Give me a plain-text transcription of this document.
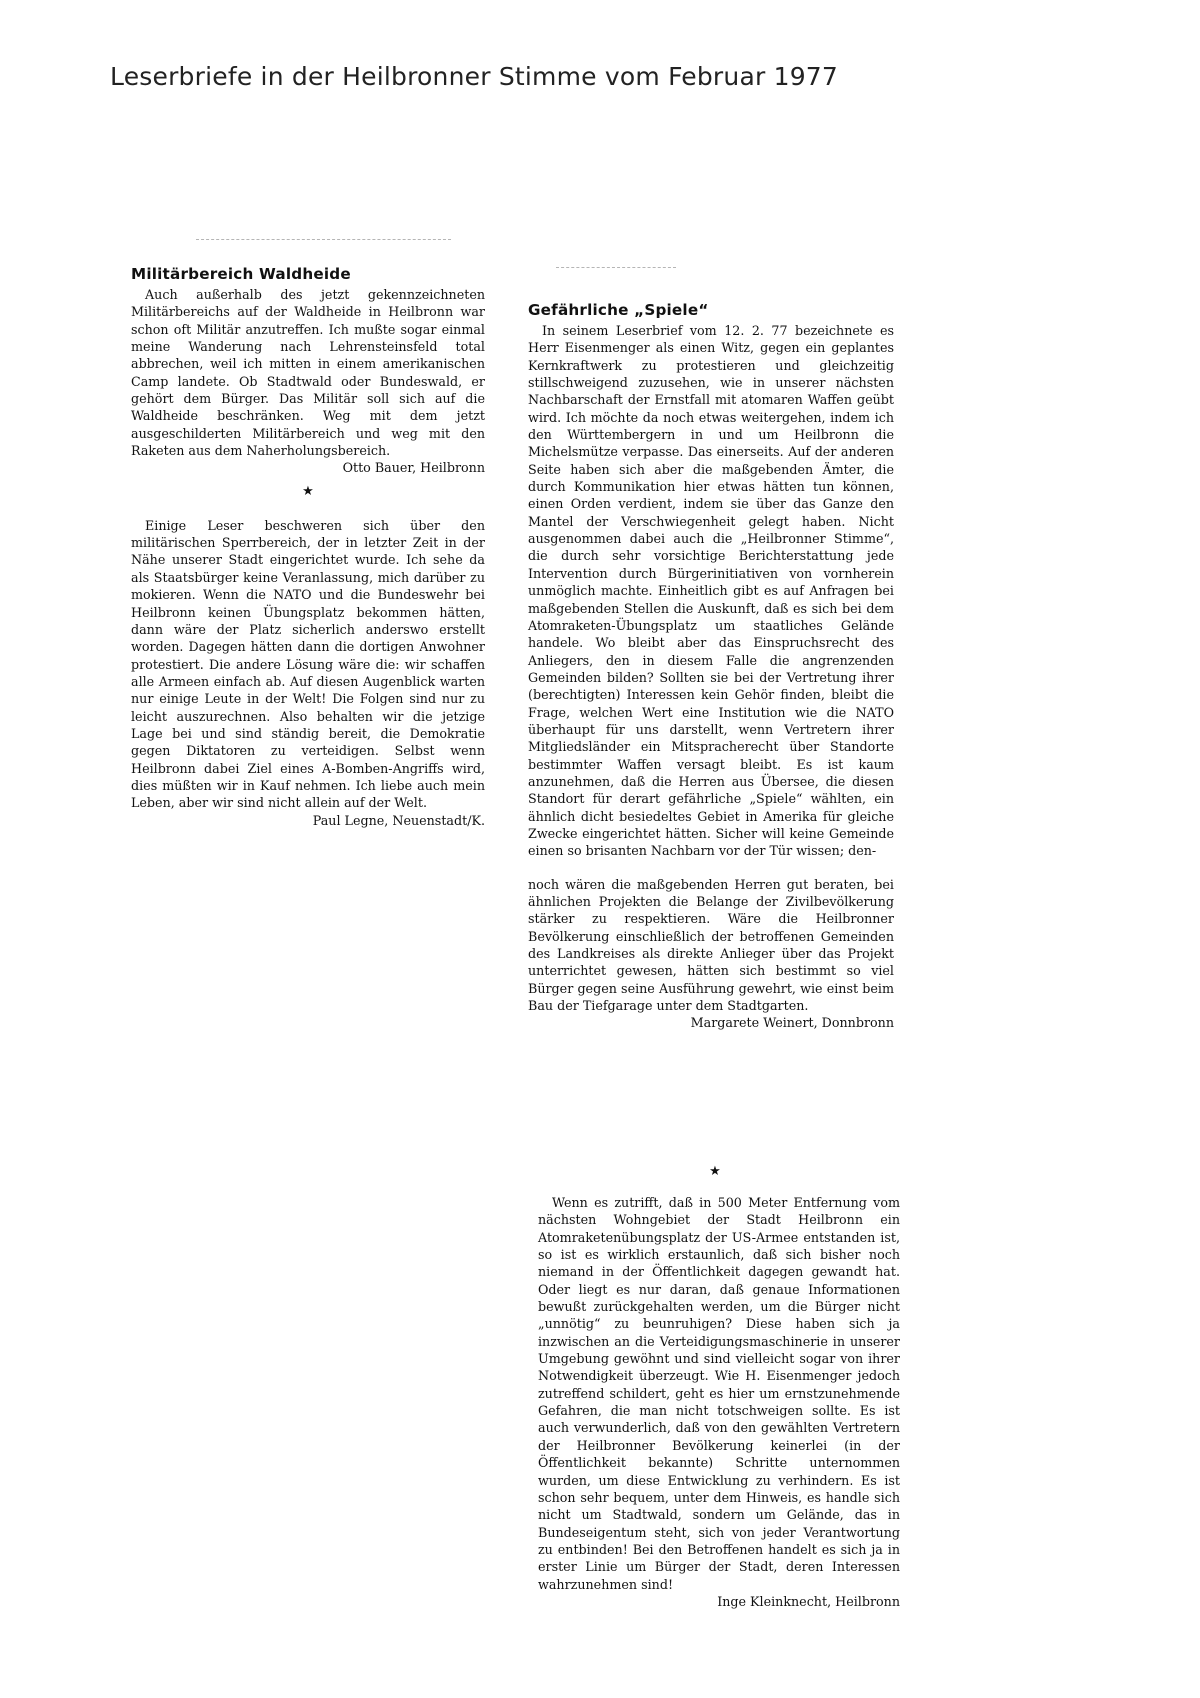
Leserbriefe in der Heilbronner Stimme vom Februar 1977
Militärbereich Waldheide

Auch außerhalb des jetzt gekennzeichneten Militärbereichs auf der Waldheide in Heilbronn war schon oft Militär anzutreffen. Ich mußte sogar einmal meine Wanderung nach Lehrensteinsfeld total abbrechen, weil ich mitten in einem amerikanischen Camp landete. Ob Stadtwald oder Bundeswald, er gehört dem Bürger. Das Militär soll sich auf die Waldheide beschränken. Weg mit dem jetzt ausgeschilderten Militärbereich und weg mit den Raketen aus dem Naherholungsbereich.

Otto Bauer, Heilbronn

★

Einige Leser beschweren sich über den militärischen Sperrbereich, der in letzter Zeit in der Nähe unserer Stadt eingerichtet wurde. Ich sehe da als Staatsbürger keine Veranlassung, mich darüber zu mokieren. Wenn die NATO und die Bundeswehr bei Heilbronn keinen Übungsplatz bekommen hätten, dann wäre der Platz sicherlich anderswo erstellt worden. Dagegen hätten dann die dortigen Anwohner protestiert. Die andere Lösung wäre die: wir schaffen alle Armeen einfach ab. Auf diesen Augenblick warten nur einige Leute in der Welt! Die Folgen sind nur zu leicht auszurechnen. Also behalten wir die jetzige Lage bei und sind ständig bereit, die Demokratie gegen Diktatoren zu verteidigen. Selbst wenn Heilbronn dabei Ziel eines A-Bomben-Angriffs wird, dies müßten wir in Kauf nehmen. Ich liebe auch mein Leben, aber wir sind nicht allein auf der Welt.

Paul Legne, Neuenstadt/K.

Gefährliche „Spiele“

In seinem Leserbrief vom 12. 2. 77 bezeichnete es Herr Eisenmenger als einen Witz, gegen ein geplantes Kernkraftwerk zu protestieren und gleichzeitig stillschweigend zuzusehen, wie in unserer nächsten Nachbarschaft der Ernstfall mit atomaren Waffen geübt wird. Ich möchte da noch etwas weitergehen, indem ich den Württembergern in und um Heilbronn die Michelsmütze verpasse. Das einerseits. Auf der anderen Seite haben sich aber die maßgebenden Ämter, die durch Kommunikation hier etwas hätten tun können, einen Orden verdient, indem sie über das Ganze den Mantel der Verschwiegenheit gelegt haben. Nicht ausgenommen dabei auch die „Heilbronner Stimme“, die durch sehr vorsichtige Berichterstattung jede Intervention durch Bürgerinitiativen von vornherein unmöglich machte. Einheitlich gibt es auf Anfragen bei maßgebenden Stellen die Auskunft, daß es sich bei dem Atomraketen-Übungsplatz um staatliches Gelände handele. Wo bleibt aber das Einspruchsrecht des Anliegers, den in diesem Falle die angrenzenden Gemeinden bilden? Sollten sie bei der Vertretung ihrer (berechtigten) Interessen kein Gehör finden, bleibt die Frage, welchen Wert eine Institution wie die NATO überhaupt für uns darstellt, wenn Vertretern ihrer Mitgliedsländer ein Mitspracherecht über Standorte bestimmter Waffen versagt bleibt. Es ist kaum anzunehmen, daß die Herren aus Übersee, die diesen Standort für derart gefährliche „Spiele“ wählten, ein ähnlich dicht besiedeltes Gebiet in Amerika für gleiche Zwecke eingerichtet hätten. Sicher will keine Gemeinde einen so brisanten Nachbarn vor der Tür wissen; den-

noch wären die maßgebenden Herren gut beraten, bei ähnlichen Projekten die Belange der Zivilbevölkerung stärker zu respektieren. Wäre die Heilbronner Bevölkerung einschließlich der betroffenen Gemeinden des Landkreises als direkte Anlieger über das Projekt unterrichtet gewesen, hätten sich bestimmt so viel Bürger gegen seine Ausführung gewehrt, wie einst beim Bau der Tiefgarage unter dem Stadtgarten.

Margarete Weinert, Donnbronn

★

Wenn es zutrifft, daß in 500 Meter Entfernung vom nächsten Wohngebiet der Stadt Heilbronn ein Atomraketenübungsplatz der US-Armee entstanden ist, so ist es wirklich erstaunlich, daß sich bisher noch niemand in der Öffentlichkeit dagegen gewandt hat. Oder liegt es nur daran, daß genaue Informationen bewußt zurückgehalten werden, um die Bürger nicht „unnötig“ zu beunruhigen? Diese haben sich ja inzwischen an die Verteidigungsmaschinerie in unserer Umgebung gewöhnt und sind vielleicht sogar von ihrer Notwendigkeit überzeugt. Wie H. Eisenmenger jedoch zutreffend schildert, geht es hier um ernstzunehmende Gefahren, die man nicht totschweigen sollte. Es ist auch verwunderlich, daß von den gewählten Vertretern der Heilbronner Bevölkerung keinerlei (in der Öffentlichkeit bekannte) Schritte unternommen wurden, um diese Entwicklung zu verhindern. Es ist schon sehr bequem, unter dem Hinweis, es handle sich nicht um Stadtwald, sondern um Gelände, das in Bundeseigentum steht, sich von jeder Verantwortung zu entbinden! Bei den Betroffenen handelt es sich ja in erster Linie um Bürger der Stadt, deren Interessen wahrzunehmen sind!

Inge Kleinknecht, Heilbronn
